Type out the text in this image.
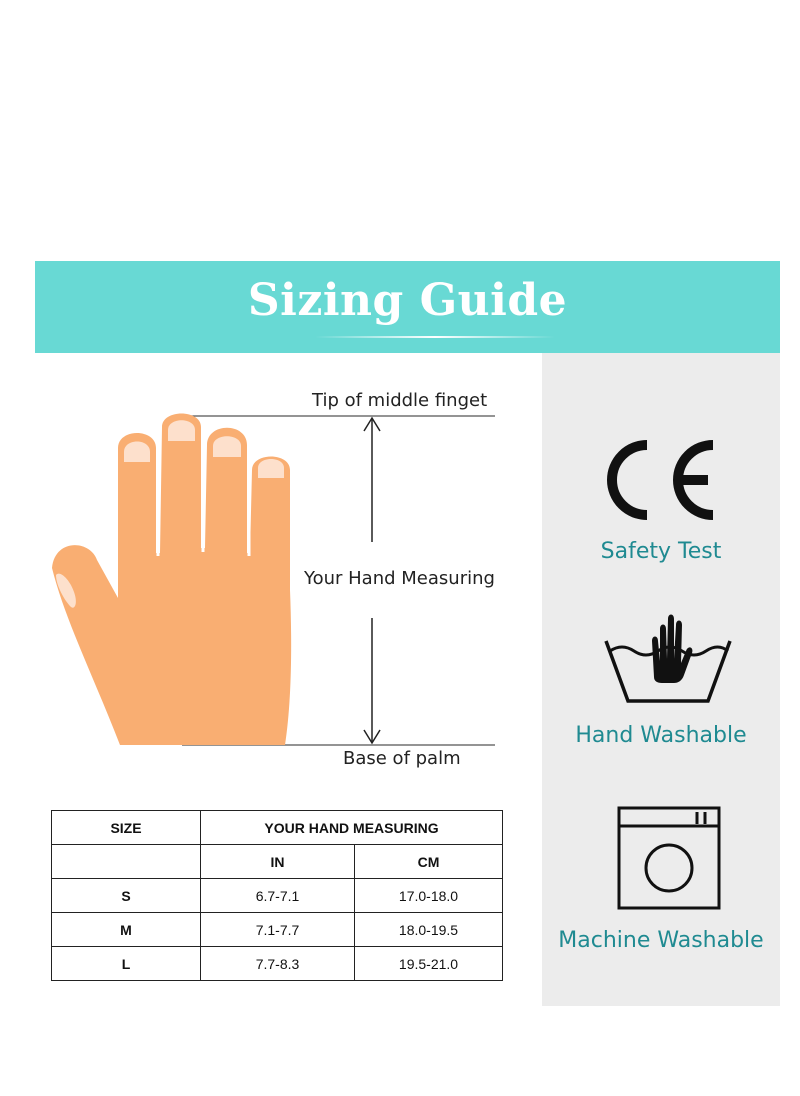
Sizing Guide
Tip of middle finget
Your Hand Measuring
Base of palm
SIZE	YOUR HAND MEASURING	
	IN	CM
S	6.7-7.1	17.0-18.0
M	7.1-7.7	18.0-19.5
L	7.7-8.3	19.5-21.0
Safety Test
Hand Washable
Machine Washable
